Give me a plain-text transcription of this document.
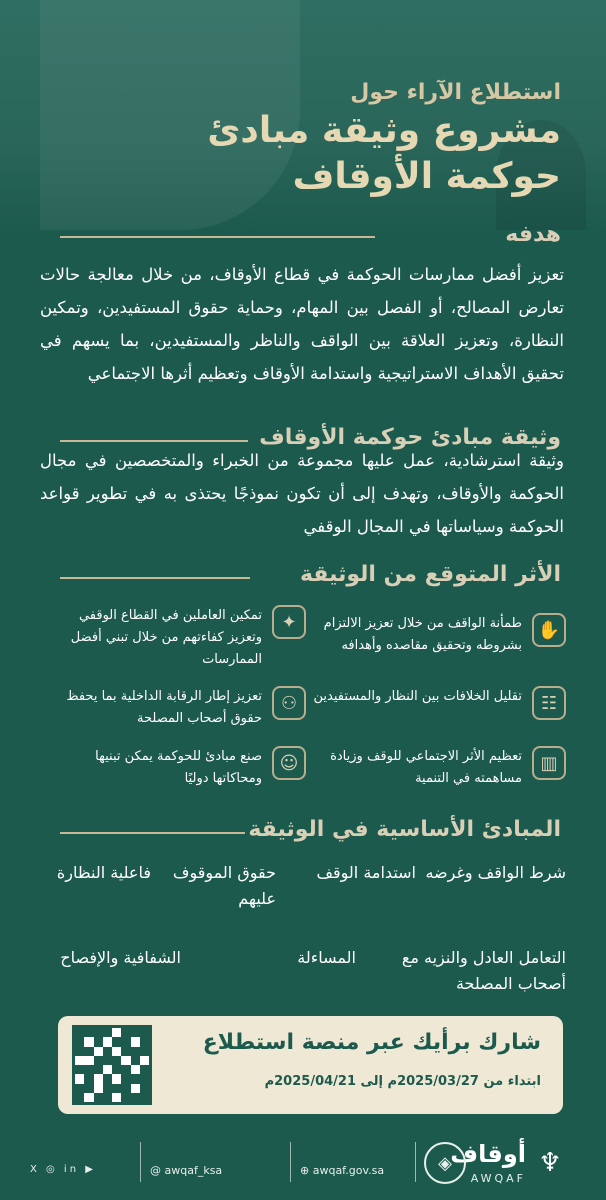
استطلاع الآراء حول
مشروع وثيقة مبادئ
حوكمة الأوقاف
هدفه
تعزيز أفضل ممارسات الحوكمة في قطاع الأوقاف، من خلال معالجة حالات تعارض المصالح، أو الفصل بين المهام، وحماية حقوق المستفيدين، وتمكين النظارة، وتعزيز العلاقة بين الواقف والناظر والمستفيدين، بما يسهم في تحقيق الأهداف الاستراتيجية واستدامة الأوقاف وتعظيم أثرها الاجتماعي
وثيقة مبادئ حوكمة الأوقاف
وثيقة استرشادية، عمل عليها مجموعة من الخبراء والمتخصصين في مجال الحوكمة والأوقاف، وتهدف إلى أن تكون نموذجًا يحتذى به في تطوير قواعد الحوكمة وسياساتها في المجال الوقفي
الأثر المتوقع من الوثيقة
✋
طمأنة الواقف من خلال تعزيز الالتزام بشروطه وتحقيق مقاصده وأهدافه
✦
تمكين العاملين في القطاع الوقفي وتعزيز كفاءتهم من خلال تبني أفضل الممارسات
☷
تقليل الخلافات بين النظار والمستفيدين
⚇
تعزيز إطار الرقابة الداخلية بما يحفظ حقوق أصحاب المصلحة
▥
تعظيم الأثر الاجتماعي للوقف وزيادة مساهمته في التنمية
☺
صنع مبادئ للحوكمة يمكن تبنيها ومحاكاتها دوليًا
المبادئ الأساسية في الوثيقة
شرط الواقف وغرضه
استدامة الوقف
حقوق الموقوف عليهم
فاعلية النظارة
التعامل العادل والنزيه مع أصحاب المصلحة
المساءلة
الشفافية والإفصاح
شارك برأيك عبر منصة استطلاع
ابتداء من 2025/03/27م إلى 2025/04/21م
♆
أوقاف
AWQAF
◈
⊕ awqaf.gov.sa
@ awqaf_ksa
X ◎ in ▶
